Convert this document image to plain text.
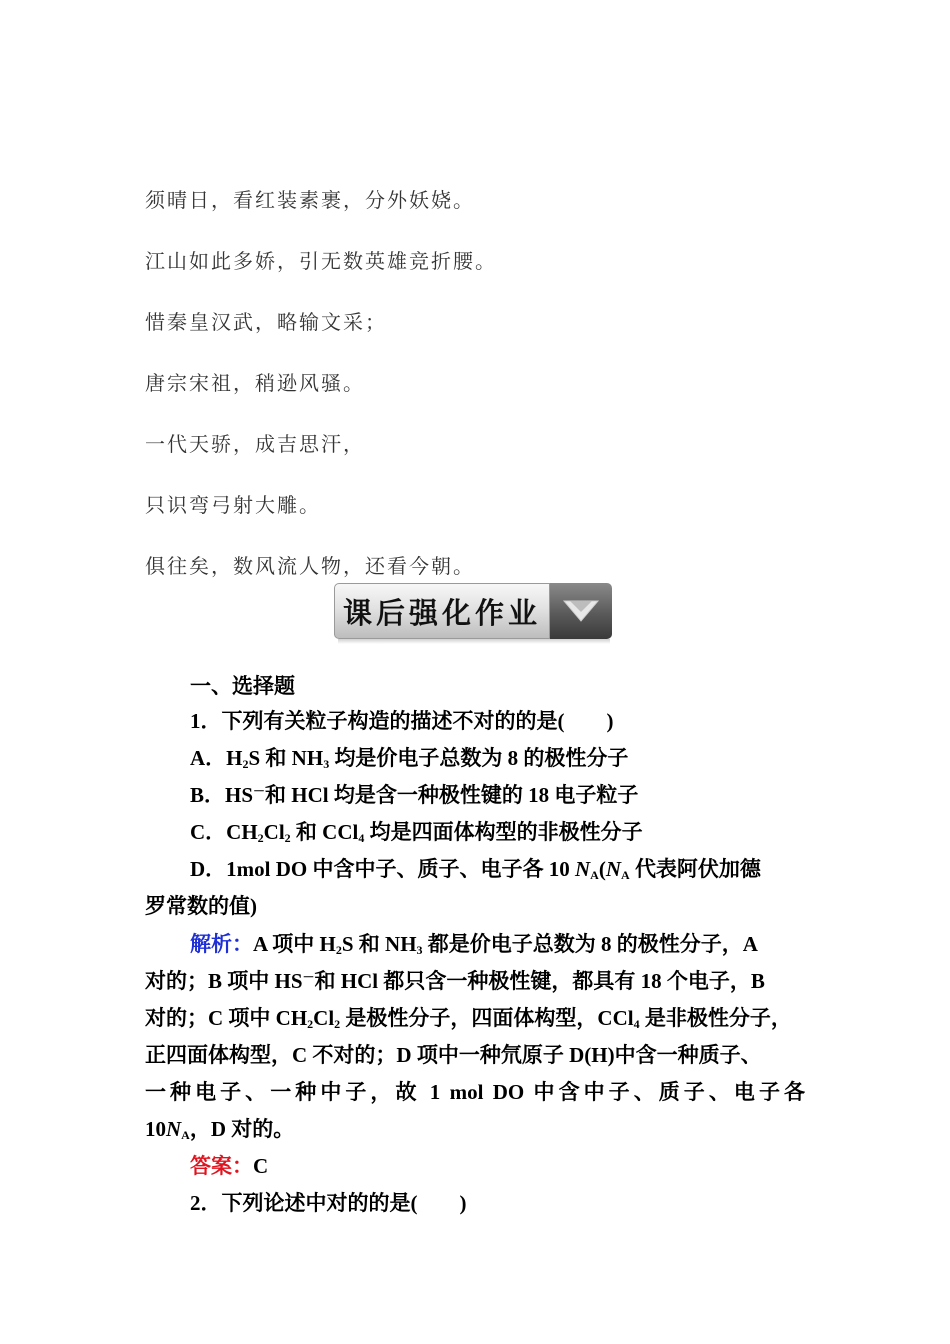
须晴日，看红装素裹，分外妖娆。
江山如此多娇，引无数英雄竞折腰。
惜秦皇汉武，略输文采；
唐宗宋祖，稍逊风骚。
一代天骄，成吉思汗，
只识弯弓射大雕。
俱往矣，数风流人物，还看今朝。
课后强化作业
一、选择题
1．下列有关粒子构造的描述不对的的是(　　)
A．$H_2S$ 和 $NH_3$ 均是价电子总数为 8 的极性分子
B．HS－和 HCl 均是含一种极性键的 18 电子粒子
C．$CH_2Cl_2$ 和 CCl$_4$ 均是四面体构型的非极性分子
D．1mol DO 中含中子、质子、电子各 10 $N_A(N_A$ 代表阿伏加德
罗常数的值)
解析：A 项中 $H_2S$ 和 $NH_3$ 都是价电子总数为 8 的极性分子，A
对的；B 项中 HS－和 HCl 都只含一种极性键，都具有 18 个电子，B
对的；C 项中 $CH_2Cl_2$ 是极性分子，四面体构型，CCl$_4$ 是非极性分子，
正四面体构型，C 不对的；D 项中一种氘原子 D(H)中含一种质子、
一种电子、一种中子，故 1 mol DO 中含中子、质子、电子各
$10N_A$，D 对的。
答案：C
2．下列论述中对的的是(　　)
